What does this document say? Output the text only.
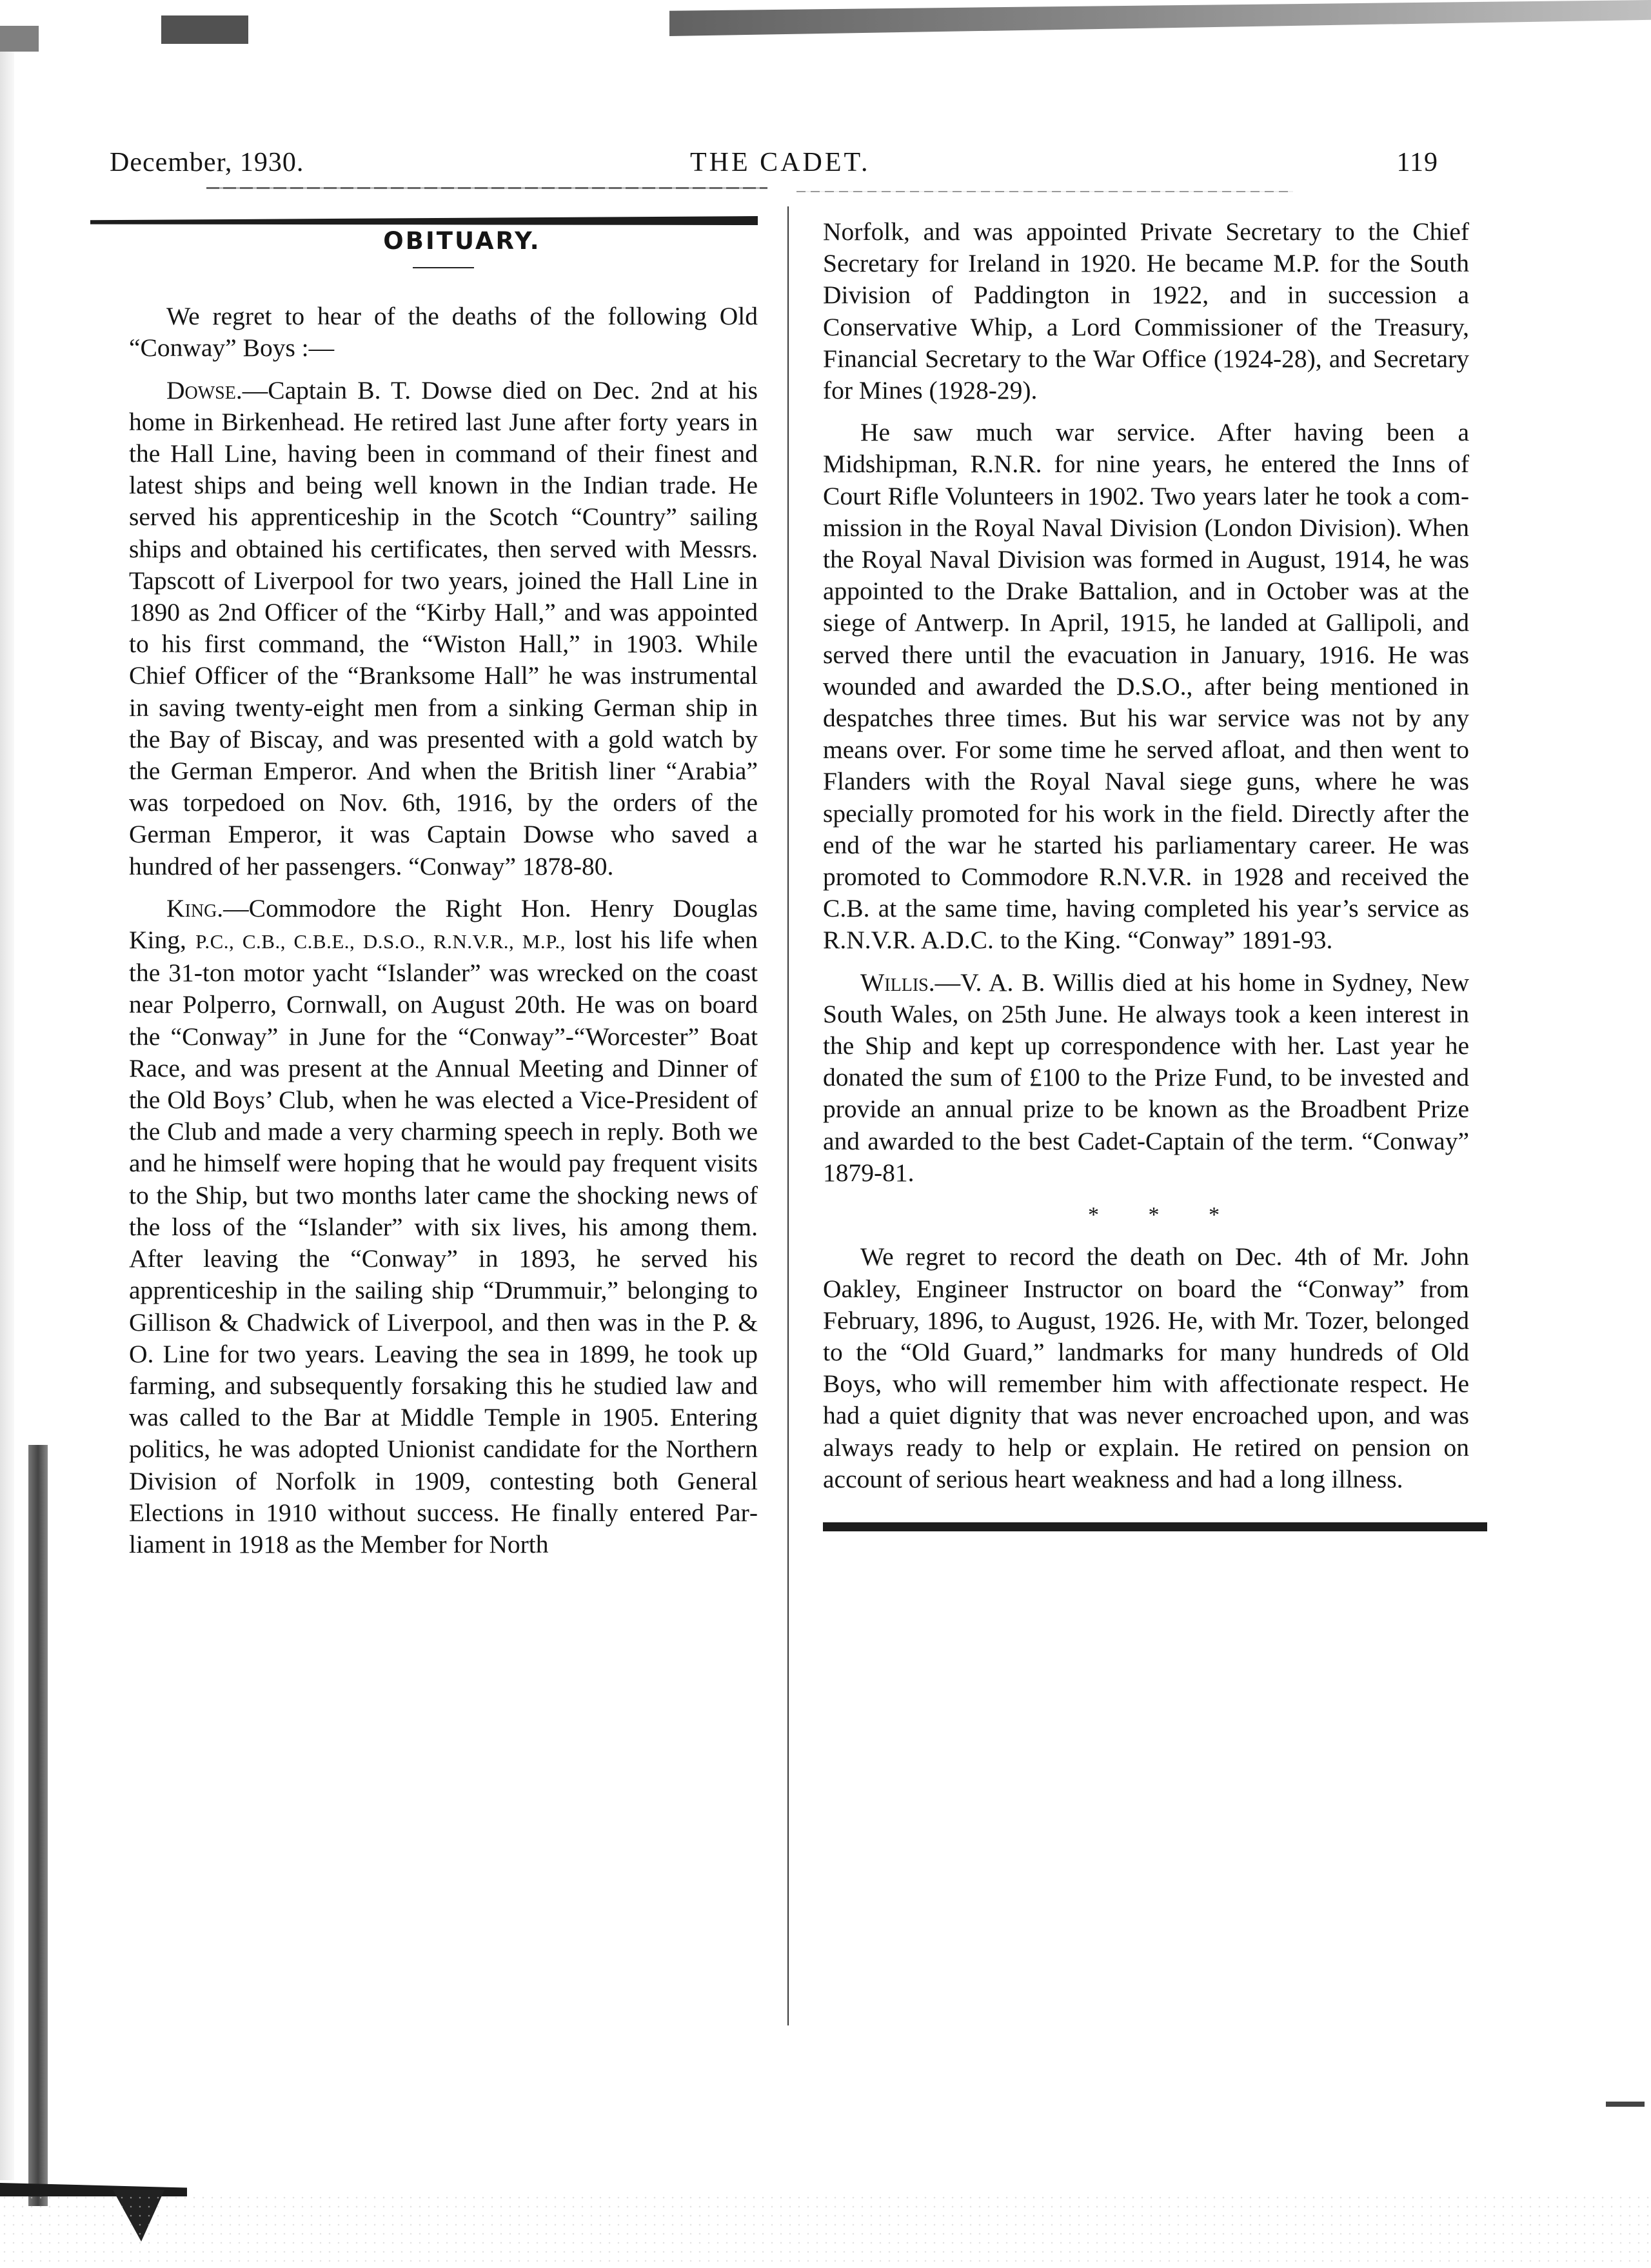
December, 1930.	THE CADET.	119

OBITUARY.

We regret to hear of the deaths of the following Old “Conway” Boys :—

Dowse.—Captain B. T. Dowse died on Dec. 2nd at his home in Birkenhead. He retired last June after forty years in the Hall Line, having been in command of their finest and latest ships and being well known in the Indian trade. He served his apprenticeship in the Scotch “Country” sailing ships and obtained his certificates, then served with Messrs. Tapscott of Liverpool for two years, joined the Hall Line in 1890 as 2nd Officer of the “Kirby Hall,” and was appointed to his first command, the “Wiston Hall,” in 1903. While Chief Officer of the “Branksome Hall” he was instrumental in saving twenty-eight men from a sinking German ship in the Bay of Biscay, and was presented with a gold watch by the German Emperor. And when the British liner “Arabia” was torpedoed on Nov. 6th, 1916, by the orders of the German Emperor, it was Captain Dowse who saved a hundred of her passengers. “Conway” 1878-80.

King.—Commodore the Right Hon. Henry Douglas King, P.C., C.B., C.B.E., D.S.O., R.N.V.R., M.P., lost his life when the 31-ton motor yacht “Islander” was wrecked on the coast near Polperro, Cornwall, on August 20th. He was on board the “Conway” in June for the “Conway”-“Worcester” Boat Race, and was present at the Annual Meeting and Dinner of the Old Boys’ Club, when he was elected a Vice-President of the Club and made a very charming speech in reply. Both we and he himself were hoping that he would pay frequent visits to the Ship, but two months later came the shocking news of the loss of the “Islander” with six lives, his among them. After leaving the “Conway” in 1893, he served his apprenticeship in the sailing ship “Drummuir,” belonging to Gillison & Chadwick of Liverpool, and then was in the P. & O. Line for two years. Leaving the sea in 1899, he took up farming, and subsequently forsaking this he studied law and was called to the Bar at Middle Temple in 1905. Entering politics, he was adopted Unionist candidate for the Northern Division of Norfolk in 1909, contesting both General Elections in 1910 without success. He finally entered Parliament in 1918 as the Member for North

Norfolk, and was appointed Private Secretary to the Chief Secretary for Ireland in 1920. He became M.P. for the South Division of Paddington in 1922, and in succession a Conservative Whip, a Lord Commissioner of the Treasury, Financial Secretary to the War Office (1924-28), and Secretary for Mines (1928-29).

He saw much war service. After having been a Midshipman, R.N.R. for nine years, he entered the Inns of Court Rifle Volunteers in 1902. Two years later he took a commission in the Royal Naval Division (London Division). When the Royal Naval Division was formed in August, 1914, he was appointed to the Drake Battalion, and in October was at the siege of Antwerp. In April, 1915, he landed at Gallipoli, and served there until the evacuation in January, 1916. He was wounded and awarded the D.S.O., after being mentioned in despatches three times. But his war service was not by any means over. For some time he served afloat, and then went to Flanders with the Royal Naval siege guns, where he was specially promoted for his work in the field. Directly after the end of the war he started his parliamentary career. He was promoted to Commodore R.N.V.R. in 1928 and received the C.B. at the same time, having completed his year’s service as R.N.V.R. A.D.C. to the King. “Conway” 1891-93.

Willis.—V. A. B. Willis died at his home in Sydney, New South Wales, on 25th June. He always took a keen interest in the Ship and kept up correspondence with her. Last year he donated the sum of £100 to the Prize Fund, to be invested and provide an annual prize to be known as the Broadbent Prize and awarded to the best Cadet-Captain of the term. “Conway” 1879-81.

* * *

We regret to record the death on Dec. 4th of Mr. John Oakley, Engineer Instructor on board the “Conway” from February, 1896, to August, 1926. He, with Mr. Tozer, belonged to the “Old Guard,” landmarks for many hundreds of Old Boys, who will remember him with affectionate respect. He had a quiet dignity that was never encroached upon, and was always ready to help or explain. He retired on pension on account of serious heart weakness and had a long illness.
